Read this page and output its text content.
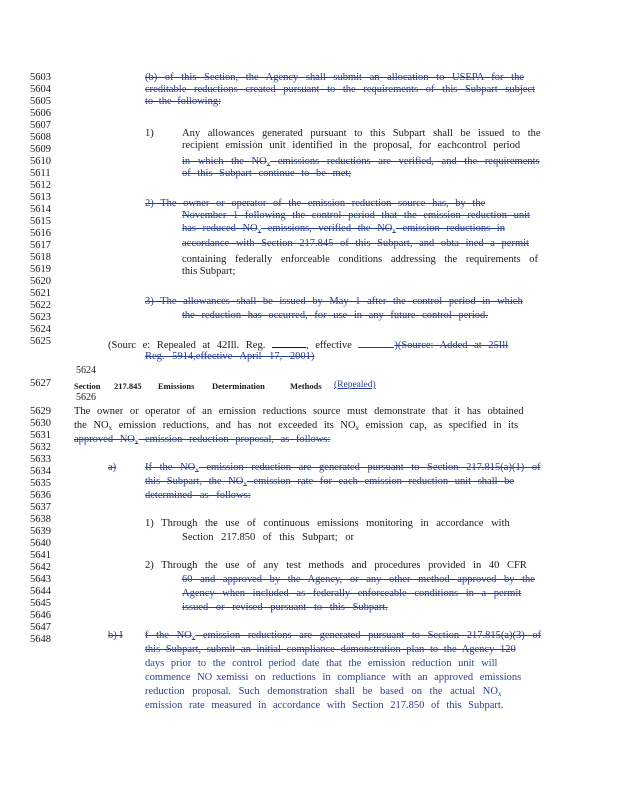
5603
5604
5605
5606
5607
5608
5609
5610
5611
5612
5613
5614
5615
5616
5617
5618
5619
5620
5621
5622
5623
5624
5625
5627
5629
5630
5631
5632
5633
5634
5635
5636
5637
5638
5639
5640
5641
5642
5643
5644
5645
5646
5647
5648
(b) of this Section, the Agency shall submit an allocation to USEPA for the
creditable reductions created pursuant to the requirements of this Subpart subject
to the following:
1)	Any allowances generated pursuant to this Subpart shall be issued to the
recipient emission unit identified in the proposal, for eachcontrol period
in which the $NO_x$ emissions reductions are verified, and the requirements
of this Subpart continue to be met;
2) The owner or operator of the emission reduction source has, by the
November 1 following the control period that the emission reduction unit
has reduced $NO_x$ emissions, verified the $NO_x$ emission reductions in
accordance with Section 217.845 of this Subpart, and obta ined a permit
containing federally enforceable conditions addressing the requirements of
this Subpart;
3) The allowances shall be issued by May 1 after the control period in which
the reduction has occurred, for use in any future control period.
(Sourc e: Repealed at 42Ill. Reg.	, effective	)(Source: Added at 25Ill
Reg. 5914,effective April 17, 2001)
5624
Section 217.845 Emissions Determination	Methods (Repealed)
5626
The owner or operator of an emission reductions source must demonstrate that it has obtained
the $NO_x$ emission reductions, and has not exceeded its $NO_x$ emission cap, as specified in its
approved $NO_x$ emission reduction proposal, as follows:
a)	If the $NO_x$ emission reduction are generated pursuant to Section 217.815(a)(1) of
this Subpart, the $NO_x$ emission rate for each emission reduction unit shall be
determined as follows:
1) Through the use of continuous emissions monitoring in accordance with
Section 217.850 of this Subpart; or
2) Through the use of any test methods and procedures provided in 40 CFR
60 and approved by the Agency, or any other method approved by the
Agency when included as federally enforceable conditions in a permit
issued or revised pursuant to this Subpart.
b) I f the $NO_x$ emission reductions are generated pursuant to Section 217.815(a)(3) of
this Subpart, submit an initial compliance demonstration plan to the Agency 120
days prior to the control period date that the emission reduction unit will
commence NO xemissi on reductions in compliance with an approved emissions
reduction proposal. Such demonstration shall be based on the actual $NO_x$
emission rate measured in accordance with Section 217.850 of this Subpart.
